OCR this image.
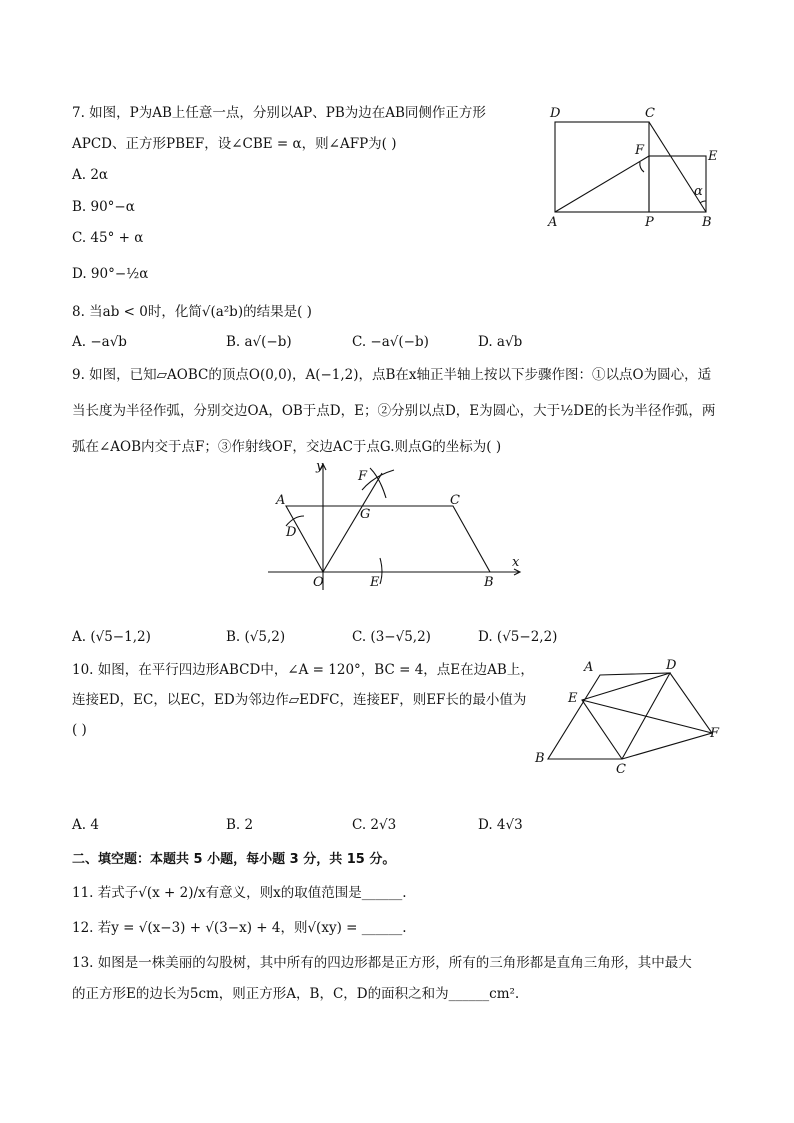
7. 如图，P为AB上任意一点，分别以AP、PB为边在AB同侧作正方形
APCD、正方形PBEF，设∠CBE = α，则∠AFP为( )
A. 2α
B. 90°−α
C. 45° + α
D. 90°−½α
D	C
E
F
A	P	B
α
8. 当ab < 0时，化简√(a²b)的结果是( )
A. −a√b	B. a√(−b)	C. −a√(−b)	D. a√b
9. 如图，已知▱AOBC的顶点O(0,0)，A(−1,2)，点B在x轴正半轴上按以下步骤作图：①以点O为圆心，适
当长度为半径作弧，分别交边OA，OB于点D，E；②分别以点D，E为圆心，大于½DE的长为半径作弧，两
弧在∠AOB内交于点F；③作射线OF，交边AC于点G.则点G的坐标为( )
y
x
F
A	C
G
D
O	E	B
A. (√5−1,2)	B. (√5,2)	C. (3−√5,2)	D. (√5−2,2)
10. 如图，在平行四边形ABCD中，∠A = 120°，BC = 4，点E在边AB上，
连接ED，EC，以EC，ED为邻边作▱EDFC，连接EF，则EF长的最小值为
( )
A	D
E
F
B
C
A. 4	B. 2	C. 2√3	D. 4√3
二、填空题：本题共 5 小题，每小题 3 分，共 15 分。
11. 若式子√(x + 2)/x有意义，则x的取值范围是______.
12. 若y = √(x−3) + √(3−x) + 4，则√(xy) = ______.
13. 如图是一株美丽的勾股树，其中所有的四边形都是正方形，所有的三角形都是直角三角形，其中最大
的正方形E的边长为5cm，则正方形A，B，C，D的面积之和为______cm².
